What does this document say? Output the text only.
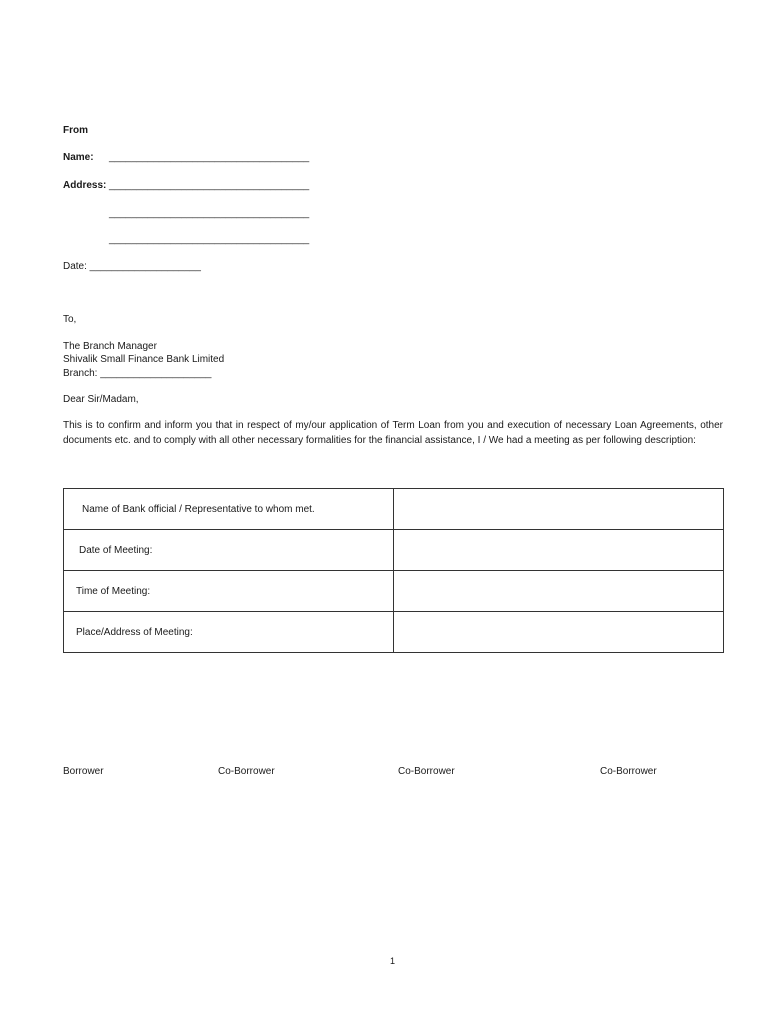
From
Name: ____________________________________
Address: ____________________________________
____________________________________
____________________________________
Date: ____________________
To,
The Branch Manager
Shivalik Small Finance Bank Limited
Branch: ____________________
Dear Sir/Madam,
This is to confirm and inform you that in respect of my/our application of Term Loan from you and execution of necessary Loan Agreements, other documents etc. and to comply with all other necessary formalities for the financial assistance, I / We had a meeting as per following description:
Name of Bank official / Representative to whom met.	
Date of Meeting:	
Time of Meeting:	
Place/Address of Meeting:	
Borrower	Co-Borrower	Co-Borrower	Co-Borrower
1
